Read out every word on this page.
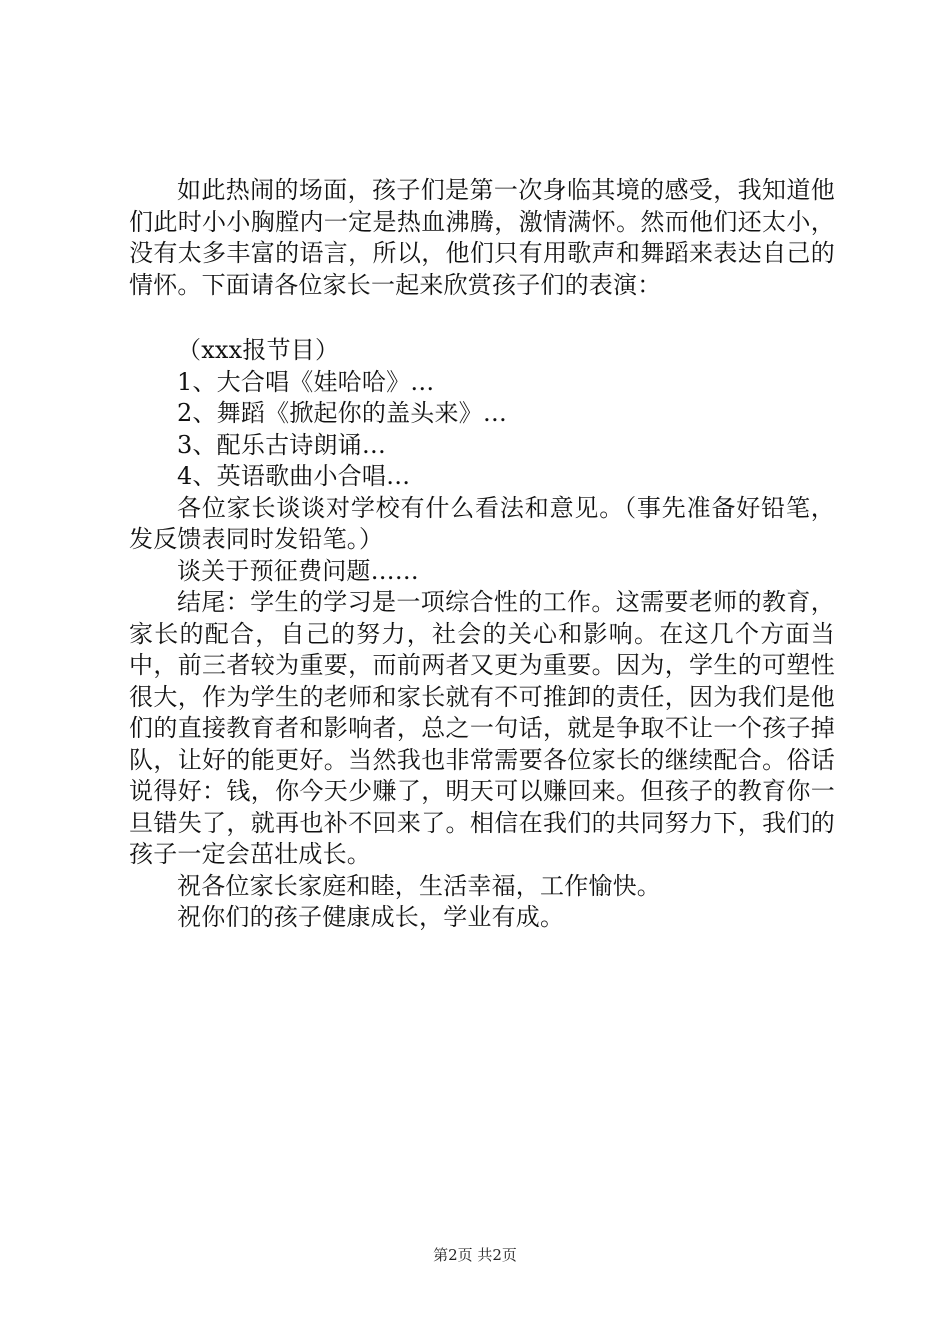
如此热闹的场面，孩子们是第一次身临其境的感受，我知道他们此时小小胸膛内一定是热血沸腾，激情满怀。然而他们还太小，没有太多丰富的语言，所以，他们只有用歌声和舞蹈来表达自己的情怀。下面请各位家长一起来欣赏孩子们的表演：

（xxx报节目）

1、大合唱《娃哈哈》…

2、舞蹈《掀起你的盖头来》…

3、配乐古诗朗诵…

4、英语歌曲小合唱…

各位家长谈谈对学校有什么看法和意见。（事先准备好铅笔，发反馈表同时发铅笔。）

谈关于预征费问题……

结尾：学生的学习是一项综合性的工作。这需要老师的教育，家长的配合，自己的努力，社会的关心和影响。在这几个方面当中，前三者较为重要，而前两者又更为重要。因为，学生的可塑性很大，作为学生的老师和家长就有不可推卸的责任，因为我们是他们的直接教育者和影响者，总之一句话，就是争取不让一个孩子掉队，让好的能更好。当然我也非常需要各位家长的继续配合。俗话说得好：钱，你今天少赚了，明天可以赚回来。但孩子的教育你一旦错失了，就再也补不回来了。相信在我们的共同努力下，我们的孩子一定会茁壮成长。

祝各位家长家庭和睦，生活幸福，工作愉快。

祝你们的孩子健康成长，学业有成。

第2页 共2页
